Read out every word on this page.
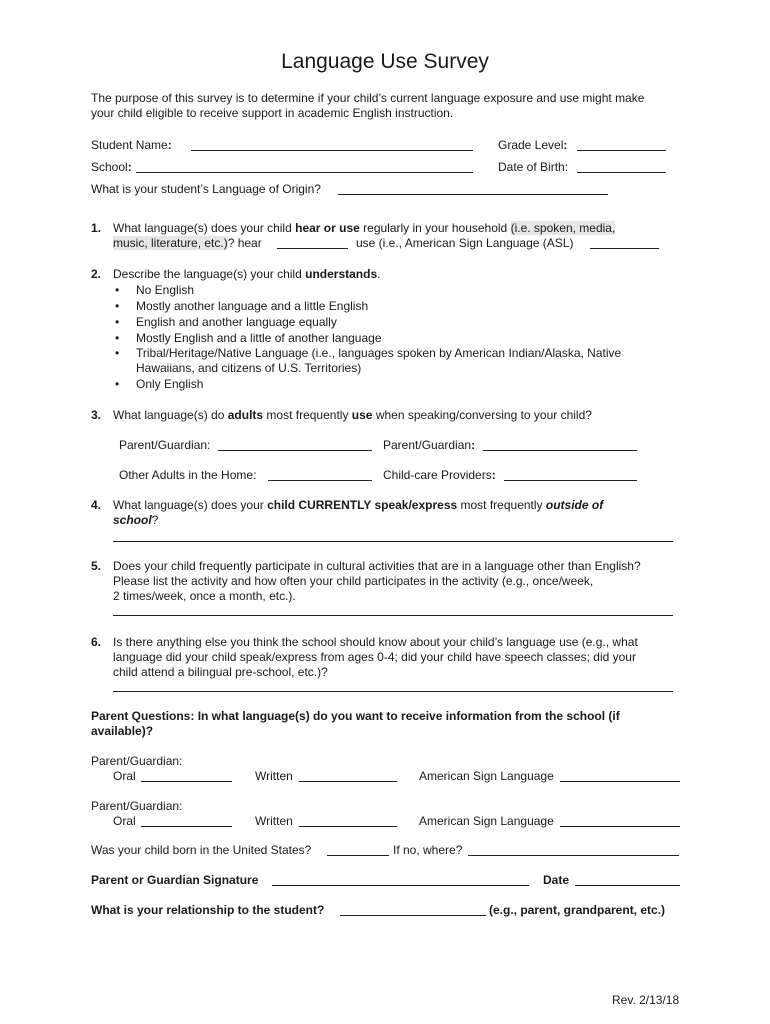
Language Use Survey
The purpose of this survey is to determine if your child’s current language exposure and use might make
your child eligible to receive support in academic English instruction.
Student Name:	Grade Level:
School:	Date of Birth:
What is your student’s Language of Origin?
1. What language(s) does your child hear or use regularly in your household (i.e. spoken, media,
music, literature, etc.)? hear	use (i.e., American Sign Language (ASL)
2. Describe the language(s) your child understands.
• No English
• Mostly another language and a little English
• English and another language equally
• Mostly English and a little of another language
• Tribal/Heritage/Native Language (i.e., languages spoken by American Indian/Alaska, Native
Hawaiians, and citizens of U.S. Territories)
• Only English
3. What language(s) do adults most frequently use when speaking/conversing to your child?
Parent/Guardian:	Parent/Guardian:
Other Adults in the Home:	Child-care Providers:
4. What language(s) does your child CURRENTLY speak/express most frequently outside of
school?
5. Does your child frequently participate in cultural activities that are in a language other than English?
Please list the activity and how often your child participates in the activity (e.g., once/week,
2 times/week, once a month, etc.).
6. Is there anything else you think the school should know about your child’s language use (e.g., what
language did your child speak/express from ages 0-4; did your child have speech classes; did your
child attend a bilingual pre-school, etc.)?
Parent Questions: In what language(s) do you want to receive information from the school (if
available)?
Parent/Guardian:
Oral	Written	American Sign Language
Parent/Guardian:
Oral	Written	American Sign Language
Was your child born in the United States?	If no, where?
Parent or Guardian Signature	Date
What is your relationship to the student?	(e.g., parent, grandparent, etc.)
Rev. 2/13/18
